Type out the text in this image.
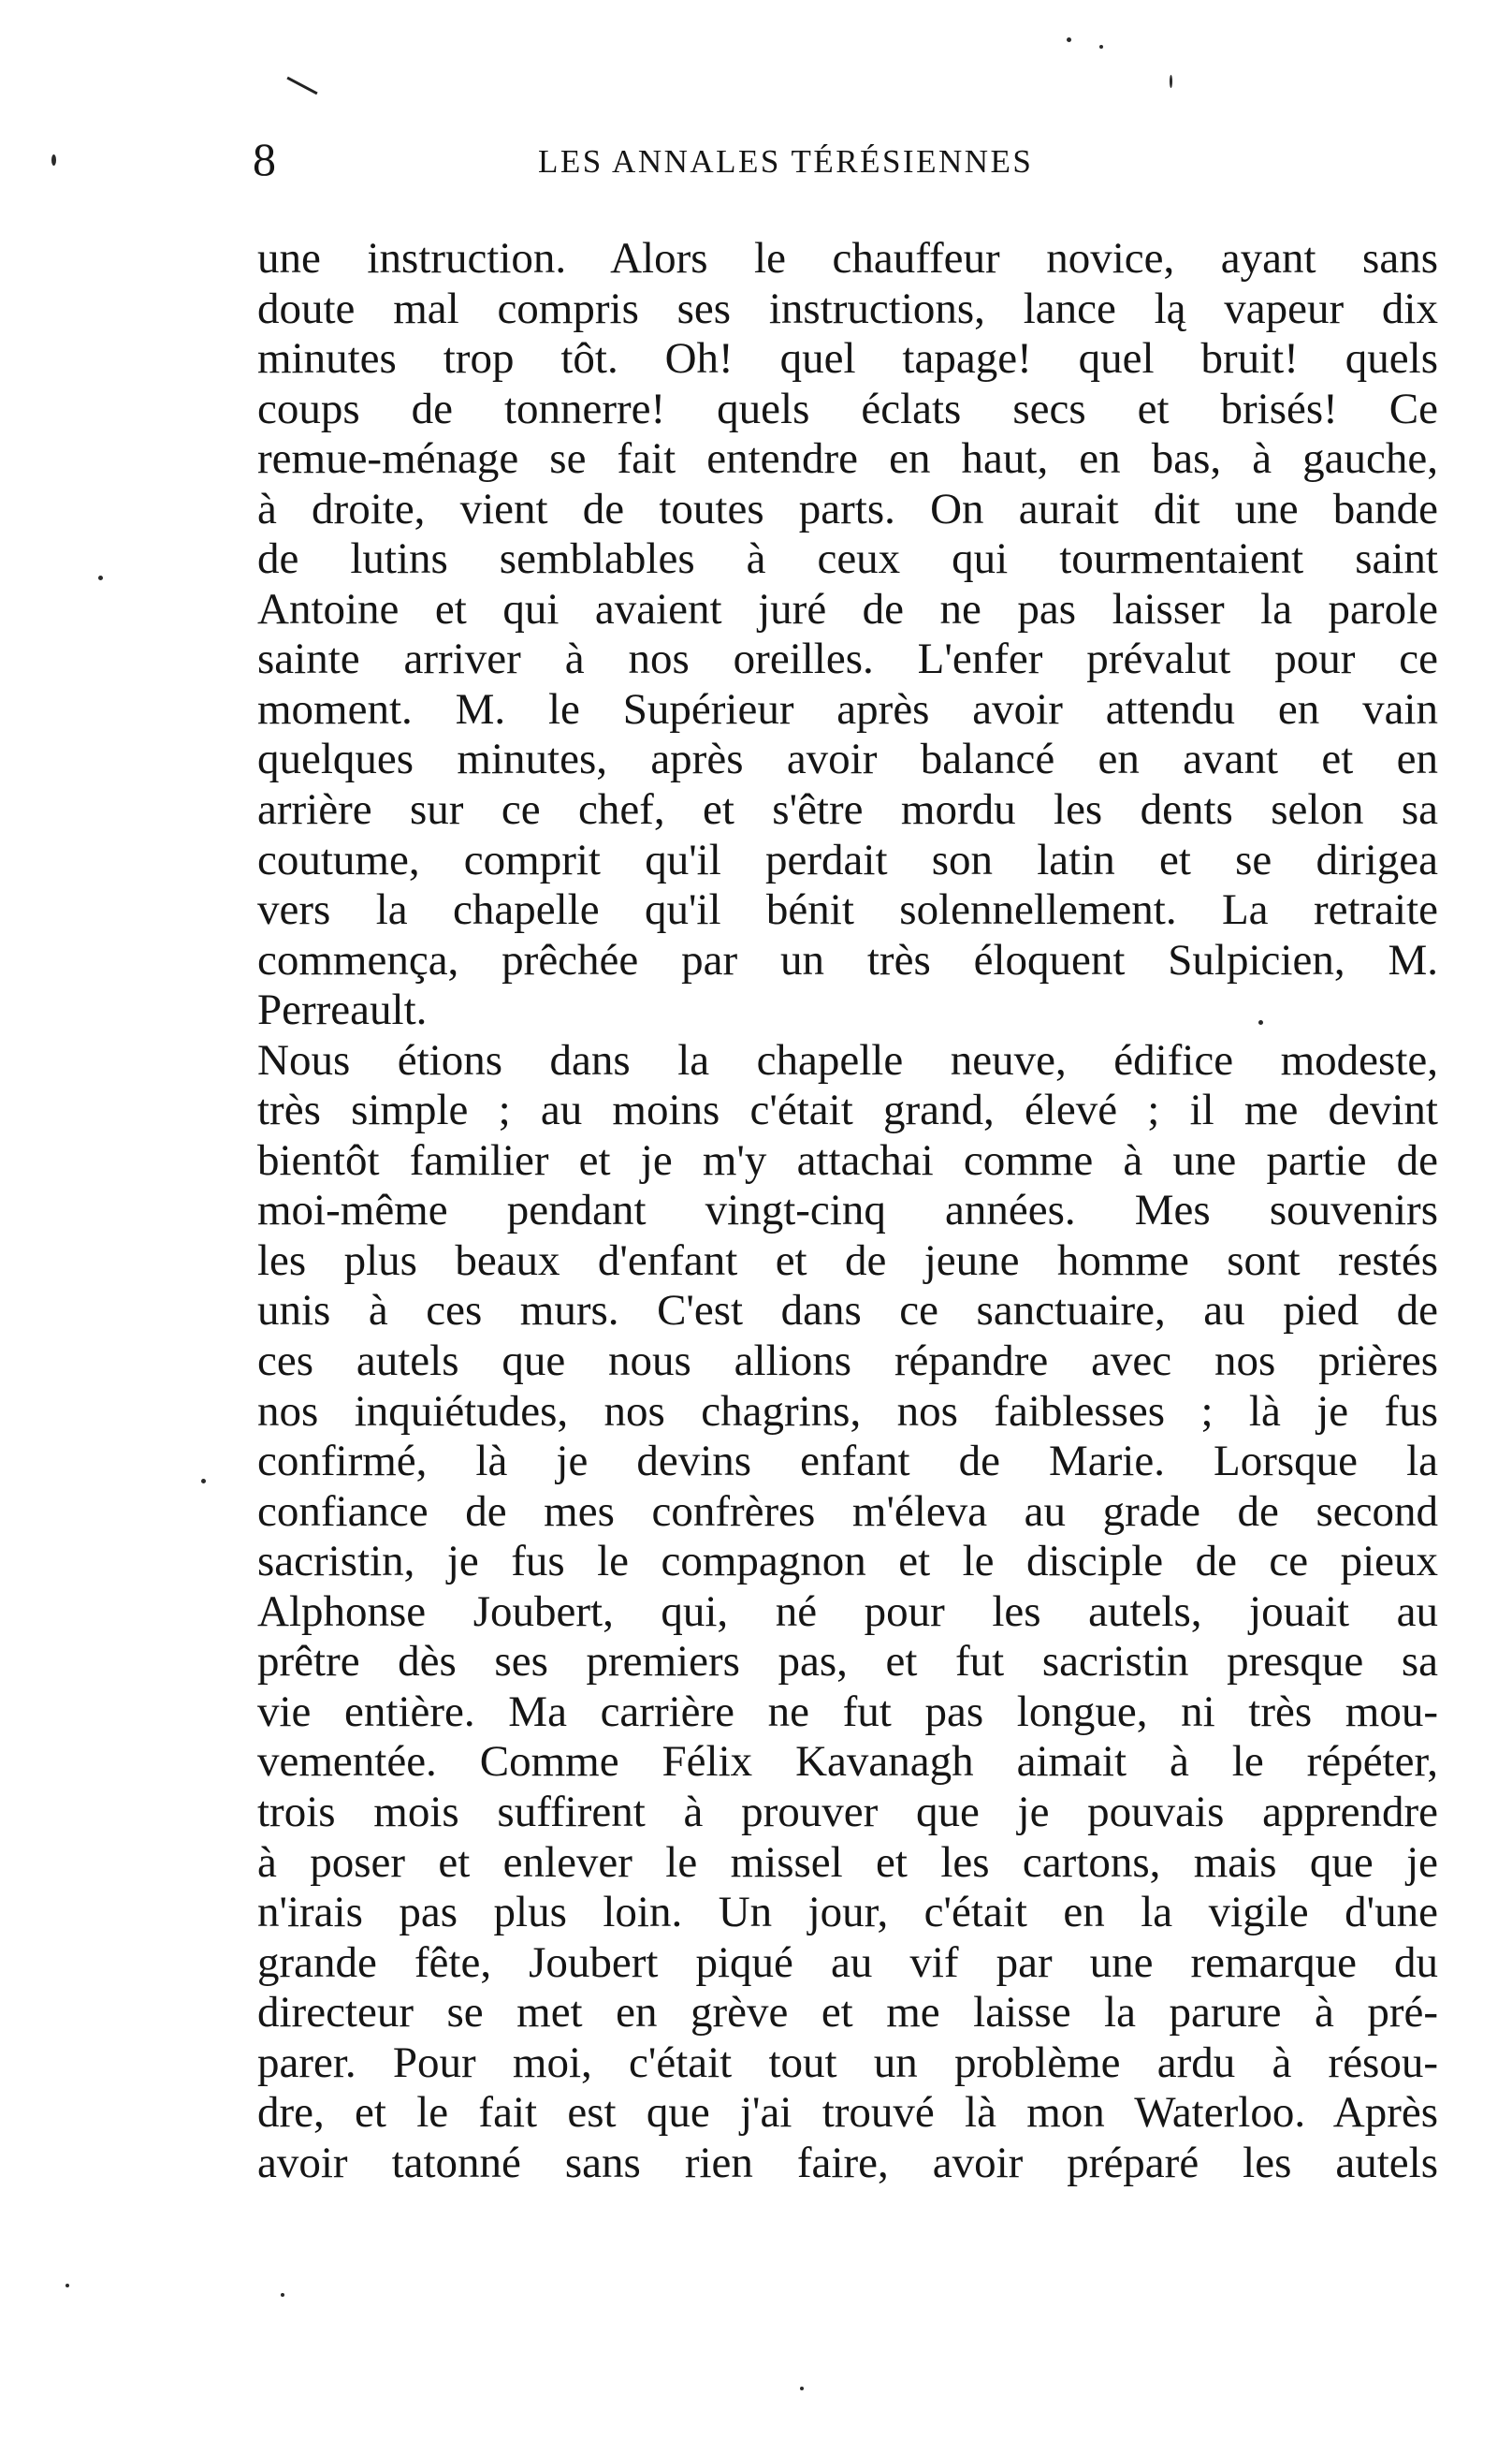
8	LES ANNALES TÉRÉSIENNES
une instruction. Alors le chauffeur novice, ayant sans
doute mal compris ses instructions, lance lą vapeur dix
minutes trop tôt. Oh! quel tapage! quel bruit! quels
coups de tonnerre! quels éclats secs et brisés! Ce
remue-ménage se fait entendre en haut, en bas, à gauche,
à droite, vient de toutes parts. On aurait dit une bande
de lutins semblables à ceux qui tourmentaient saint
Antoine et qui avaient juré de ne pas laisser la parole
sainte arriver à nos oreilles. L'enfer prévalut pour ce
moment. M. le Supérieur après avoir attendu en vain
quelques minutes, après avoir balancé en avant et en
arrière sur ce chef, et s'être mordu les dents selon sa
coutume, comprit qu'il perdait son latin et se dirigea
vers la chapelle qu'il bénit solennellement. La retraite
commença, prêchée par un très éloquent Sulpicien, M.
Perreault.
Nous étions dans la chapelle neuve, édifice modeste,
très simple ; au moins c'était grand, élevé ; il me devint
bientôt familier et je m'y attachai comme à une partie de
moi-même pendant vingt-cinq années. Mes souvenirs
les plus beaux d'enfant et de jeune homme sont restés
unis à ces murs. C'est dans ce sanctuaire, au pied de
ces autels que nous allions répandre avec nos prières
nos inquiétudes, nos chagrins, nos faiblesses ; là je fus
confirmé, là je devins enfant de Marie. Lorsque la
confiance de mes confrères m'éleva au grade de second
sacristin, je fus le compagnon et le disciple de ce pieux
Alphonse Joubert, qui, né pour les autels, jouait au
prêtre dès ses premiers pas, et fut sacristin presque sa
vie entière. Ma carrière ne fut pas longue, ni très mou-
vementée. Comme Félix Kavanagh aimait à le répéter,
trois mois suffirent à prouver que je pouvais apprendre
à poser et enlever le missel et les cartons, mais que je
n'irais pas plus loin. Un jour, c'était en la vigile d'une
grande fête, Joubert piqué au vif par une remarque du
directeur se met en grève et me laisse la parure à pré-
parer. Pour moi, c'était tout un problème ardu à résou-
dre, et le fait est que j'ai trouvé là mon Waterloo. Après
avoir tatonné sans rien faire, avoir préparé les autels
